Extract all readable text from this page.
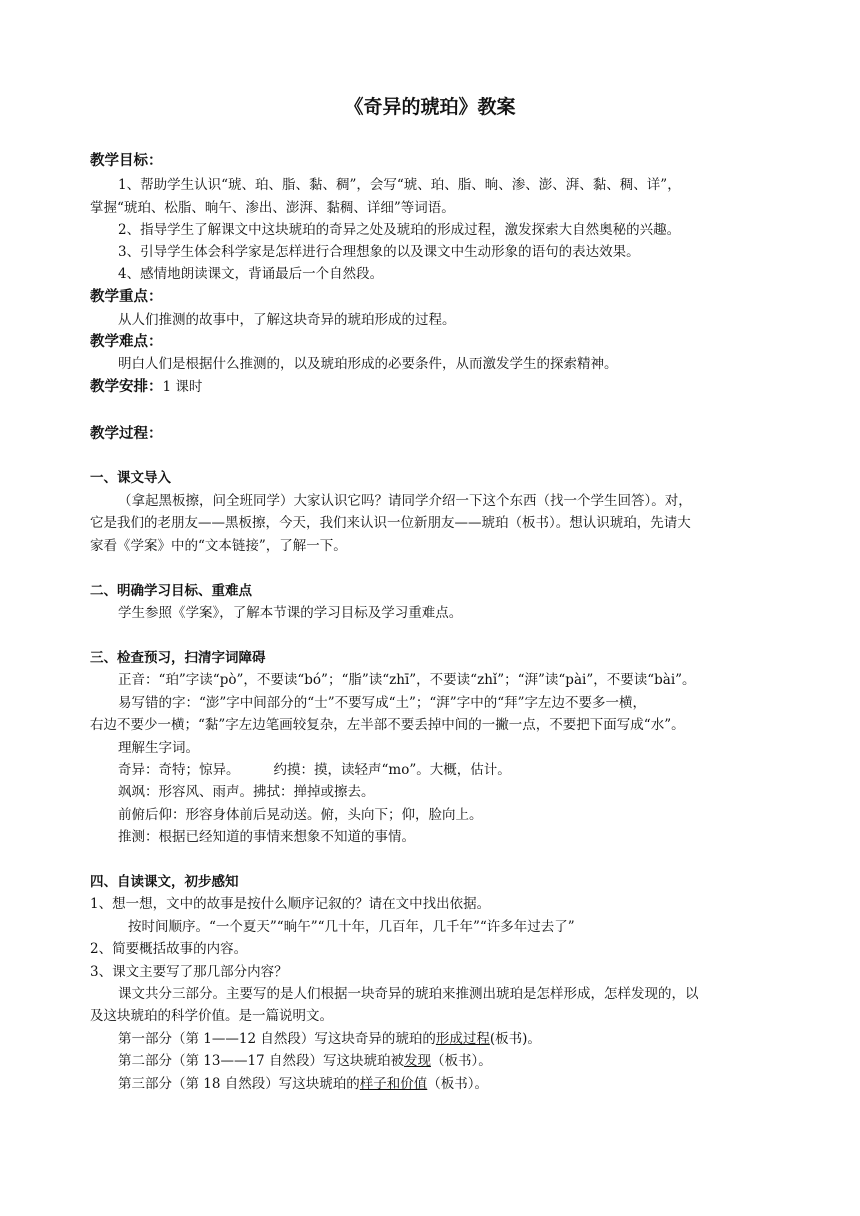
《奇异的琥珀》教案
教学目标：
1、帮助学生认识“琥、珀、脂、黏、稠”，会写“琥、珀、脂、晌、渗、澎、湃、黏、稠、详”，
掌握“琥珀、松脂、晌午、渗出、澎湃、黏稠、详细”等词语。
2、指导学生了解课文中这块琥珀的奇异之处及琥珀的形成过程，激发探索大自然奥秘的兴趣。
3、引导学生体会科学家是怎样进行合理想象的以及课文中生动形象的语句的表达效果。
4、感情地朗读课文，背诵最后一个自然段。
教学重点：
从人们推测的故事中，了解这块奇异的琥珀形成的过程。
教学难点：
明白人们是根据什么推测的，以及琥珀形成的必要条件，从而激发学生的探索精神。
教学安排：1 课时
教学过程：
一、课文导入
（拿起黑板擦，问全班同学）大家认识它吗？请同学介绍一下这个东西（找一个学生回答）。对，
它是我们的老朋友——黑板擦，今天，我们来认识一位新朋友——琥珀（板书）。想认识琥珀，先请大
家看《学案》中的“文本链接”，了解一下。
二、明确学习目标、重难点
学生参照《学案》，了解本节课的学习目标及学习重难点。
三、检查预习，扫清字词障碍
正音：“珀”字读“pò”，不要读“bó”；“脂”读“zhī”，不要读“zhǐ”；“湃”读“pài”，不要读“bài”。
易写错的字：“澎”字中间部分的“士”不要写成“土”；“湃”字中的“拜”字左边不要多一横，
右边不要少一横；“黏”字左边笔画较复杂，左半部不要丢掉中间的一撇一点，不要把下面写成“水”。
理解生字词。
奇异：奇特；惊异。	约摸：摸，读轻声“mo”。大概，估计。
飒飒：形容风、雨声。拂拭：掸掉或擦去。
前俯后仰：形容身体前后晃动送。俯，头向下；仰，脸向上。
推测：根据已经知道的事情来想象不知道的事情。
四、自读课文，初步感知
1、想一想，文中的故事是按什么顺序记叙的？请在文中找出依据。
按时间顺序。“一个夏天”“晌午”“几十年，几百年，几千年”“许多年过去了”
2、简要概括故事的内容。
3、课文主要写了那几部分内容？
课文共分三部分。主要写的是人们根据一块奇异的琥珀来推测出琥珀是怎样形成，怎样发现的，以
及这块琥珀的科学价值。是一篇说明文。
第一部分（第 1——12 自然段）写这块奇异的琥珀的形成过程(板书)。
第二部分（第 13——17 自然段）写这块琥珀被发现（板书）。
第三部分（第 18 自然段）写这块琥珀的样子和价值（板书）。
